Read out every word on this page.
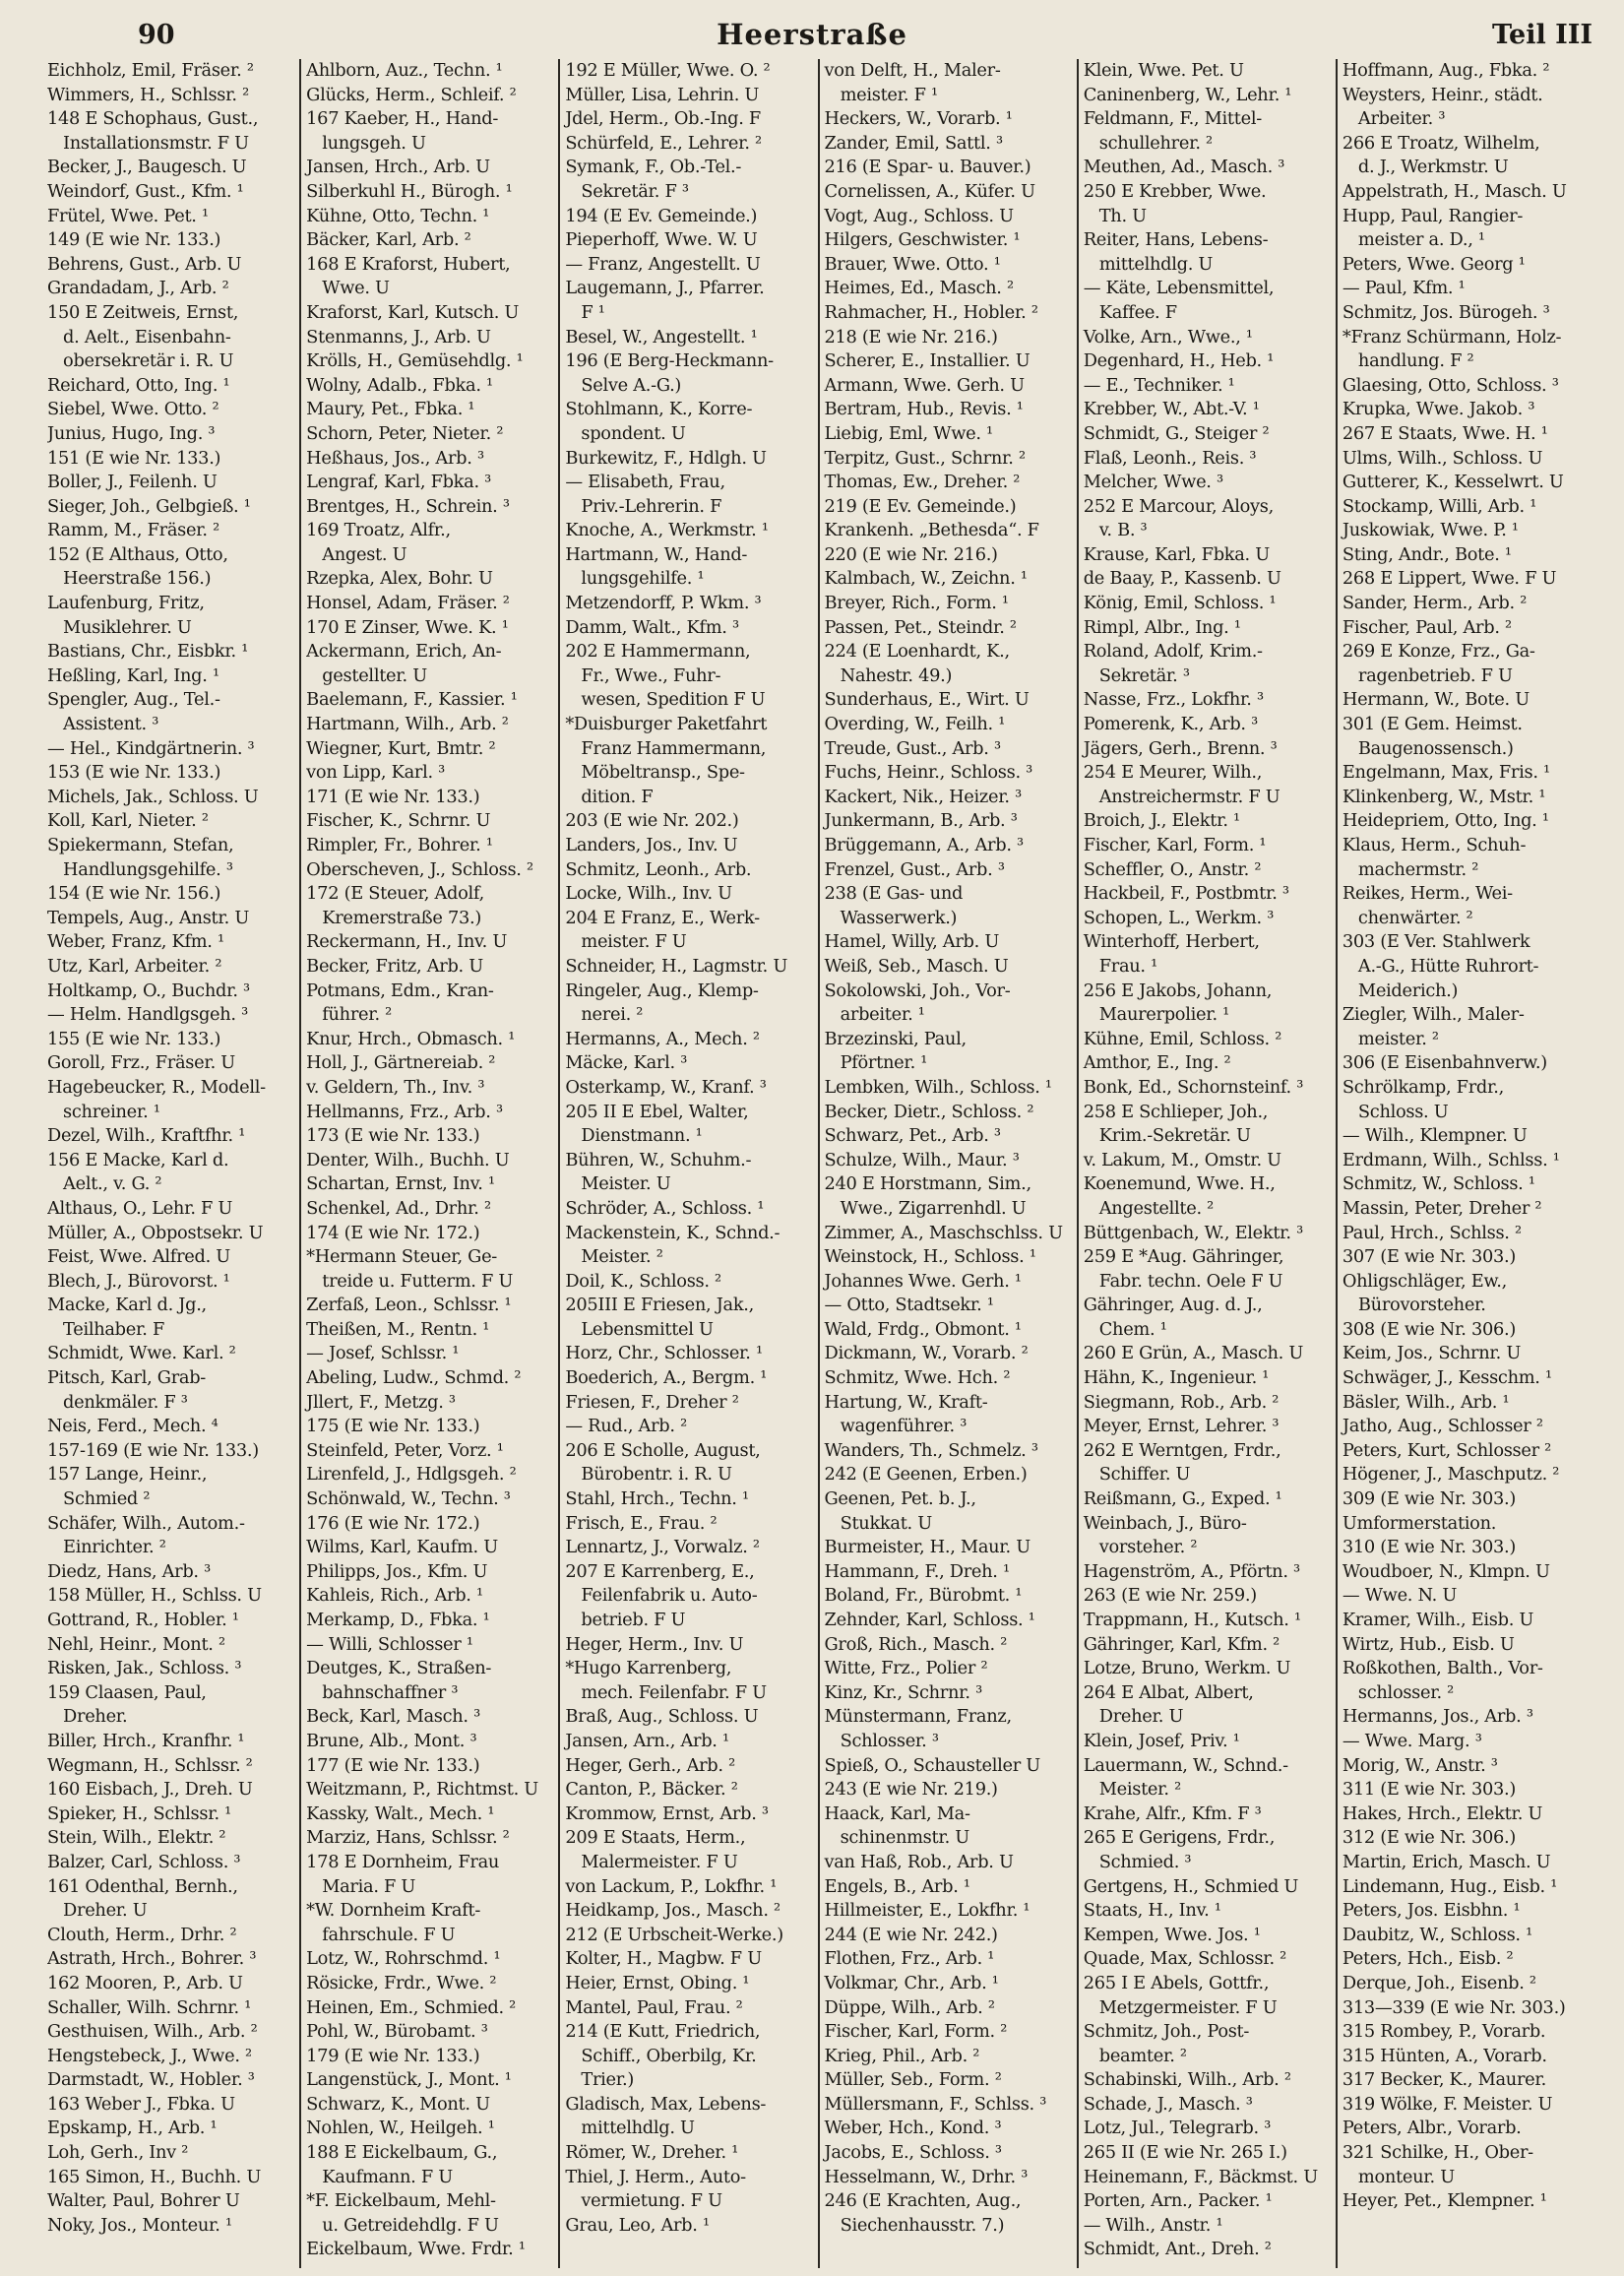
90	Heerstraße	Teil III
Eichholz, Emil, Fräser. ²
Wimmers, H., Schlssr. ²
148 E Schophaus, Gust.,
Installationsmstr. F U
Becker, J., Baugesch. U
Weindorf, Gust., Kfm. ¹
Frütel, Wwe. Pet. ¹
149 (E wie Nr. 133.)
Behrens, Gust., Arb. U
Grandadam, J., Arb. ²
150 E Zeitweis, Ernst,
d. Aelt., Eisenbahn-
obersekretär i. R. U
Reichard, Otto, Ing. ¹
Siebel, Wwe. Otto. ²
Junius, Hugo, Ing. ³
151 (E wie Nr. 133.)
Boller, J., Feilenh. U
Sieger, Joh., Gelbgieß. ¹
Ramm, M., Fräser. ²
152 (E Althaus, Otto,
Heerstraße 156.)
Laufenburg, Fritz,
Musiklehrer. U
Bastians, Chr., Eisbkr. ¹
Heßling, Karl, Ing. ¹
Spengler, Aug., Tel.-
Assistent. ³
— Hel., Kindgärtnerin. ³
153 (E wie Nr. 133.)
Michels, Jak., Schloss. U
Koll, Karl, Nieter. ²
Spiekermann, Stefan,
Handlungsgehilfe. ³
154 (E wie Nr. 156.)
Tempels, Aug., Anstr. U
Weber, Franz, Kfm. ¹
Utz, Karl, Arbeiter. ²
Holtkamp, O., Buchdr. ³
— Helm. Handlgsgeh. ³
155 (E wie Nr. 133.)
Goroll, Frz., Fräser. U
Hagebeucker, R., Modell-
schreiner. ¹
Dezel, Wilh., Kraftfhr. ¹
156 E Macke, Karl d.
Aelt., v. G. ²
Althaus, O., Lehr. F U
Müller, A., Obpostsekr. U
Feist, Wwe. Alfred. U
Blech, J., Bürovorst. ¹
Macke, Karl d. Jg.,
Teilhaber. F
Schmidt, Wwe. Karl. ²
Pitsch, Karl, Grab-
denkmäler. F ³
Neis, Ferd., Mech. ⁴
157-169 (E wie Nr. 133.)
157 Lange, Heinr.,
Schmied ²
Schäfer, Wilh., Autom.-
Einrichter. ²
Diedz, Hans, Arb. ³
158 Müller, H., Schlss. U
Gottrand, R., Hobler. ¹
Nehl, Heinr., Mont. ²
Risken, Jak., Schloss. ³
159 Claasen, Paul,
Dreher.
Biller, Hrch., Kranfhr. ¹
Wegmann, H., Schlssr. ²
160 Eisbach, J., Dreh. U
Spieker, H., Schlssr. ¹
Stein, Wilh., Elektr. ²
Balzer, Carl, Schloss. ³
161 Odenthal, Bernh.,
Dreher. U
Clouth, Herm., Drhr. ²
Astrath, Hrch., Bohrer. ³
162 Mooren, P., Arb. U
Schaller, Wilh. Schrnr. ¹
Gesthuisen, Wilh., Arb. ²
Hengstebeck, J., Wwe. ²
Darmstadt, W., Hobler. ³
163 Weber J., Fbka. U
Epskamp, H., Arb. ¹
Loh, Gerh., Inv ²
165 Simon, H., Buchh. U
Walter, Paul, Bohrer U
Noky, Jos., Monteur. ¹
Ahlborn, Auz., Techn. ¹
Glücks, Herm., Schleif. ²
167 Kaeber, H., Hand-
lungsgeh. U
Jansen, Hrch., Arb. U
Silberkuhl H., Bürogh. ¹
Kühne, Otto, Techn. ¹
Bäcker, Karl, Arb. ²
168 E Kraforst, Hubert,
Wwe. U
Kraforst, Karl, Kutsch. U
Stenmanns, J., Arb. U
Krölls, H., Gemüsehdlg. ¹
Wolny, Adalb., Fbka. ¹
Maury, Pet., Fbka. ¹
Schorn, Peter, Nieter. ²
Heßhaus, Jos., Arb. ³
Lengraf, Karl, Fbka. ³
Brentges, H., Schrein. ³
169 Troatz, Alfr.,
Angest. U
Rzepka, Alex, Bohr. U
Honsel, Adam, Fräser. ²
170 E Zinser, Wwe. K. ¹
Ackermann, Erich, An-
gestellter. U
Baelemann, F., Kassier. ¹
Hartmann, Wilh., Arb. ²
Wiegner, Kurt, Bmtr. ²
von Lipp, Karl. ³
171 (E wie Nr. 133.)
Fischer, K., Schrnr. U
Rimpler, Fr., Bohrer. ¹
Oberscheven, J., Schloss. ²
172 (E Steuer, Adolf,
Kremerstraße 73.)
Reckermann, H., Inv. U
Becker, Fritz, Arb. U
Potmans, Edm., Kran-
führer. ²
Knur, Hrch., Obmasch. ¹
Holl, J., Gärtnereiab. ²
v. Geldern, Th., Inv. ³
Hellmanns, Frz., Arb. ³
173 (E wie Nr. 133.)
Denter, Wilh., Buchh. U
Schartan, Ernst, Inv. ¹
Schenkel, Ad., Drhr. ²
174 (E wie Nr. 172.)
*Hermann Steuer, Ge-
treide u. Futterm. F U
Zerfaß, Leon., Schlssr. ¹
Theißen, M., Rentn. ¹
— Josef, Schlssr. ¹
Abeling, Ludw., Schmd. ²
Jllert, F., Metzg. ³
175 (E wie Nr. 133.)
Steinfeld, Peter, Vorz. ¹
Lirenfeld, J., Hdlgsgeh. ²
Schönwald, W., Techn. ³
176 (E wie Nr. 172.)
Wilms, Karl, Kaufm. U
Philipps, Jos., Kfm. U
Kahleis, Rich., Arb. ¹
Merkamp, D., Fbka. ¹
— Willi, Schlosser ¹
Deutges, K., Straßen-
bahnschaffner ³
Beck, Karl, Masch. ³
Brune, Alb., Mont. ³
177 (E wie Nr. 133.)
Weitzmann, P., Richtmst. U
Kassky, Walt., Mech. ¹
Marziz, Hans, Schlssr. ²
178 E Dornheim, Frau
Maria. F U
*W. Dornheim Kraft-
fahrschule. F U
Lotz, W., Rohrschmd. ¹
Rösicke, Frdr., Wwe. ²
Heinen, Em., Schmied. ²
Pohl, W., Bürobamt. ³
179 (E wie Nr. 133.)
Langenstück, J., Mont. ¹
Schwarz, K., Mont. U
Nohlen, W., Heilgeh. ¹
188 E Eickelbaum, G.,
Kaufmann. F U
*F. Eickelbaum, Mehl-
u. Getreidehdlg. F U
Eickelbaum, Wwe. Frdr. ¹
192 E Müller, Wwe. O. ²
Müller, Lisa, Lehrin. U
Jdel, Herm., Ob.-Ing. F
Schürfeld, E., Lehrer. ²
Symank, F., Ob.-Tel.-
Sekretär. F ³
194 (E Ev. Gemeinde.)
Pieperhoff, Wwe. W. U
— Franz, Angestellt. U
Laugemann, J., Pfarrer.
F ¹
Besel, W., Angestellt. ¹
196 (E Berg-Heckmann-
Selve A.-G.)
Stohlmann, K., Korre-
spondent. U
Burkewitz, F., Hdlgh. U
— Elisabeth, Frau,
Priv.-Lehrerin. F
Knoche, A., Werkmstr. ¹
Hartmann, W., Hand-
lungsgehilfe. ¹
Metzendorff, P. Wkm. ³
Damm, Walt., Kfm. ³
202 E Hammermann,
Fr., Wwe., Fuhr-
wesen, Spedition F U
*Duisburger Paketfahrt
Franz Hammermann,
Möbeltransp., Spe-
dition. F
203 (E wie Nr. 202.)
Landers, Jos., Inv. U
Schmitz, Leonh., Arb.
Locke, Wilh., Inv. U
204 E Franz, E., Werk-
meister. F U
Schneider, H., Lagmstr. U
Ringeler, Aug., Klemp-
nerei. ²
Hermanns, A., Mech. ²
Mäcke, Karl. ³
Osterkamp, W., Kranf. ³
205 II E Ebel, Walter,
Dienstmann. ¹
Bühren, W., Schuhm.-
Meister. U
Schröder, A., Schloss. ¹
Mackenstein, K., Schnd.-
Meister. ²
Doil, K., Schloss. ²
205III E Friesen, Jak.,
Lebensmittel U
Horz, Chr., Schlosser. ¹
Boederich, A., Bergm. ¹
Friesen, F., Dreher ²
— Rud., Arb. ²
206 E Scholle, August,
Bürobentr. i. R. U
Stahl, Hrch., Techn. ¹
Frisch, E., Frau. ²
Lennartz, J., Vorwalz. ²
207 E Karrenberg, E.,
Feilenfabrik u. Auto-
betrieb. F U
Heger, Herm., Inv. U
*Hugo Karrenberg,
mech. Feilenfabr. F U
Braß, Aug., Schloss. U
Jansen, Arn., Arb. ¹
Heger, Gerh., Arb. ²
Canton, P., Bäcker. ²
Krommow, Ernst, Arb. ³
209 E Staats, Herm.,
Malermeister. F U
von Lackum, P., Lokfhr. ¹
Heidkamp, Jos., Masch. ²
212 (E Urbscheit-Werke.)
Kolter, H., Magbw. F U
Heier, Ernst, Obing. ¹
Mantel, Paul, Frau. ²
214 (E Kutt, Friedrich,
Schiff., Oberbilg, Kr.
Trier.)
Gladisch, Max, Lebens-
mittelhdlg. U
Römer, W., Dreher. ¹
Thiel, J. Herm., Auto-
vermietung. F U
Grau, Leo, Arb. ¹
von Delft, H., Maler-
meister. F ¹
Heckers, W., Vorarb. ¹
Zander, Emil, Sattl. ³
216 (E Spar- u. Bauver.)
Cornelissen, A., Küfer. U
Vogt, Aug., Schloss. U
Hilgers, Geschwister. ¹
Brauer, Wwe. Otto. ¹
Heimes, Ed., Masch. ²
Rahmacher, H., Hobler. ²
218 (E wie Nr. 216.)
Scherer, E., Installier. U
Armann, Wwe. Gerh. U
Bertram, Hub., Revis. ¹
Liebig, Eml, Wwe. ¹
Terpitz, Gust., Schrnr. ²
Thomas, Ew., Dreher. ²
219 (E Ev. Gemeinde.)
Krankenh. „Bethesda“. F
220 (E wie Nr. 216.)
Kalmbach, W., Zeichn. ¹
Breyer, Rich., Form. ¹
Passen, Pet., Steindr. ²
224 (E Loenhardt, K.,
Nahestr. 49.)
Sunderhaus, E., Wirt. U
Overding, W., Feilh. ¹
Treude, Gust., Arb. ³
Fuchs, Heinr., Schloss. ³
Kackert, Nik., Heizer. ³
Junkermann, B., Arb. ³
Brüggemann, A., Arb. ³
Frenzel, Gust., Arb. ³
238 (E Gas- und
Wasserwerk.)
Hamel, Willy, Arb. U
Weiß, Seb., Masch. U
Sokolowski, Joh., Vor-
arbeiter. ¹
Brzezinski, Paul,
Pförtner. ¹
Lembken, Wilh., Schloss. ¹
Becker, Dietr., Schloss. ²
Schwarz, Pet., Arb. ³
Schulze, Wilh., Maur. ³
240 E Horstmann, Sim.,
Wwe., Zigarrenhdl. U
Zimmer, A., Maschschlss. U
Weinstock, H., Schloss. ¹
Johannes Wwe. Gerh. ¹
— Otto, Stadtsekr. ¹
Wald, Frdg., Obmont. ¹
Dickmann, W., Vorarb. ²
Schmitz, Wwe. Hch. ²
Hartung, W., Kraft-
wagenführer. ³
Wanders, Th., Schmelz. ³
242 (E Geenen, Erben.)
Geenen, Pet. b. J.,
Stukkat. U
Burmeister, H., Maur. U
Hammann, F., Dreh. ¹
Boland, Fr., Bürobmt. ¹
Zehnder, Karl, Schloss. ¹
Groß, Rich., Masch. ²
Witte, Frz., Polier ²
Kinz, Kr., Schrnr. ³
Münstermann, Franz,
Schlosser. ³
Spieß, O., Schausteller U
243 (E wie Nr. 219.)
Haack, Karl, Ma-
schinenmstr. U
van Haß, Rob., Arb. U
Engels, B., Arb. ¹
Hillmeister, E., Lokfhr. ¹
244 (E wie Nr. 242.)
Flothen, Frz., Arb. ¹
Volkmar, Chr., Arb. ¹
Düppe, Wilh., Arb. ²
Fischer, Karl, Form. ²
Krieg, Phil., Arb. ²
Müller, Seb., Form. ²
Müllersmann, F., Schlss. ³
Weber, Hch., Kond. ³
Jacobs, E., Schloss. ³
Hesselmann, W., Drhr. ³
246 (E Krachten, Aug.,
Siechenhausstr. 7.)
Klein, Wwe. Pet. U
Caninenberg, W., Lehr. ¹
Feldmann, F., Mittel-
schullehrer. ²
Meuthen, Ad., Masch. ³
250 E Krebber, Wwe.
Th. U
Reiter, Hans, Lebens-
mittelhdlg. U
— Käte, Lebensmittel,
Kaffee. F
Volke, Arn., Wwe., ¹
Degenhard, H., Heb. ¹
— E., Techniker. ¹
Krebber, W., Abt.-V. ¹
Schmidt, G., Steiger ²
Flaß, Leonh., Reis. ³
Melcher, Wwe. ³
252 E Marcour, Aloys,
v. B. ³
Krause, Karl, Fbka. U
de Baay, P., Kassenb. U
König, Emil, Schloss. ¹
Rimpl, Albr., Ing. ¹
Roland, Adolf, Krim.-
Sekretär. ³
Nasse, Frz., Lokfhr. ³
Pomerenk, K., Arb. ³
Jägers, Gerh., Brenn. ³
254 E Meurer, Wilh.,
Anstreichermstr. F U
Broich, J., Elektr. ¹
Fischer, Karl, Form. ¹
Scheffler, O., Anstr. ²
Hackbeil, F., Postbmtr. ³
Schopen, L., Werkm. ³
Winterhoff, Herbert,
Frau. ¹
256 E Jakobs, Johann,
Maurerpolier. ¹
Kühne, Emil, Schloss. ²
Amthor, E., Ing. ²
Bonk, Ed., Schornsteinf. ³
258 E Schlieper, Joh.,
Krim.-Sekretär. U
v. Lakum, M., Omstr. U
Koenemund, Wwe. H.,
Angestellte. ²
Büttgenbach, W., Elektr. ³
259 E *Aug. Gähringer,
Fabr. techn. Oele F U
Gähringer, Aug. d. J.,
Chem. ¹
260 E Grün, A., Masch. U
Hähn, K., Ingenieur. ¹
Siegmann, Rob., Arb. ²
Meyer, Ernst, Lehrer. ³
262 E Werntgen, Frdr.,
Schiffer. U
Reißmann, G., Exped. ¹
Weinbach, J., Büro-
vorsteher. ²
Hagenström, A., Pförtn. ³
263 (E wie Nr. 259.)
Trappmann, H., Kutsch. ¹
Gähringer, Karl, Kfm. ²
Lotze, Bruno, Werkm. U
264 E Albat, Albert,
Dreher. U
Klein, Josef, Priv. ¹
Lauermann, W., Schnd.-
Meister. ²
Krahe, Alfr., Kfm. F ³
265 E Gerigens, Frdr.,
Schmied. ³
Gertgens, H., Schmied U
Staats, H., Inv. ¹
Kempen, Wwe. Jos. ¹
Quade, Max, Schlossr. ²
265 I E Abels, Gottfr.,
Metzgermeister. F U
Schmitz, Joh., Post-
beamter. ²
Schabinski, Wilh., Arb. ²
Schade, J., Masch. ³
Lotz, Jul., Telegrarb. ³
265 II (E wie Nr. 265 I.)
Heinemann, F., Bäckmst. U
Porten, Arn., Packer. ¹
— Wilh., Anstr. ¹
Schmidt, Ant., Dreh. ²
Hoffmann, Aug., Fbka. ²
Weysters, Heinr., städt.
Arbeiter. ³
266 E Troatz, Wilhelm,
d. J., Werkmstr. U
Appelstrath, H., Masch. U
Hupp, Paul, Rangier-
meister a. D., ¹
Peters, Wwe. Georg ¹
— Paul, Kfm. ¹
Schmitz, Jos. Bürogeh. ³
*Franz Schürmann, Holz-
handlung. F ²
Glaesing, Otto, Schloss. ³
Krupka, Wwe. Jakob. ³
267 E Staats, Wwe. H. ¹
Ulms, Wilh., Schloss. U
Gutterer, K., Kesselwrt. U
Stockamp, Willi, Arb. ¹
Juskowiak, Wwe. P. ¹
Sting, Andr., Bote. ¹
268 E Lippert, Wwe. F U
Sander, Herm., Arb. ²
Fischer, Paul, Arb. ²
269 E Konze, Frz., Ga-
ragenbetrieb. F U
Hermann, W., Bote. U
301 (E Gem. Heimst.
Baugenossensch.)
Engelmann, Max, Fris. ¹
Klinkenberg, W., Mstr. ¹
Heidepriem, Otto, Ing. ¹
Klaus, Herm., Schuh-
machermstr. ²
Reikes, Herm., Wei-
chenwärter. ²
303 (E Ver. Stahlwerk
A.-G., Hütte Ruhrort-
Meiderich.)
Ziegler, Wilh., Maler-
meister. ²
306 (E Eisenbahnverw.)
Schrölkamp, Frdr.,
Schloss. U
— Wilh., Klempner. U
Erdmann, Wilh., Schlss. ¹
Schmitz, W., Schloss. ¹
Massin, Peter, Dreher ²
Paul, Hrch., Schlss. ²
307 (E wie Nr. 303.)
Ohligschläger, Ew.,
Bürovorsteher.
308 (E wie Nr. 306.)
Keim, Jos., Schrnr. U
Schwäger, J., Kesschm. ¹
Bäsler, Wilh., Arb. ¹
Jatho, Aug., Schlosser ²
Peters, Kurt, Schlosser ²
Högener, J., Maschputz. ²
309 (E wie Nr. 303.)
Umformerstation.
310 (E wie Nr. 303.)
Woudboer, N., Klmpn. U
— Wwe. N. U
Kramer, Wilh., Eisb. U
Wirtz, Hub., Eisb. U
Roßkothen, Balth., Vor-
schlosser. ²
Hermanns, Jos., Arb. ³
— Wwe. Marg. ³
Morig, W., Anstr. ³
311 (E wie Nr. 303.)
Hakes, Hrch., Elektr. U
312 (E wie Nr. 306.)
Martin, Erich, Masch. U
Lindemann, Hug., Eisb. ¹
Peters, Jos. Eisbhn. ¹
Daubitz, W., Schloss. ¹
Peters, Hch., Eisb. ²
Derque, Joh., Eisenb. ²
313—339 (E wie Nr. 303.)
315 Rombey, P., Vorarb.
315 Hünten, A., Vorarb.
317 Becker, K., Maurer.
319 Wölke, F. Meister. U
Peters, Albr., Vorarb.
321 Schilke, H., Ober-
monteur. U
Heyer, Pet., Klempner. ¹
